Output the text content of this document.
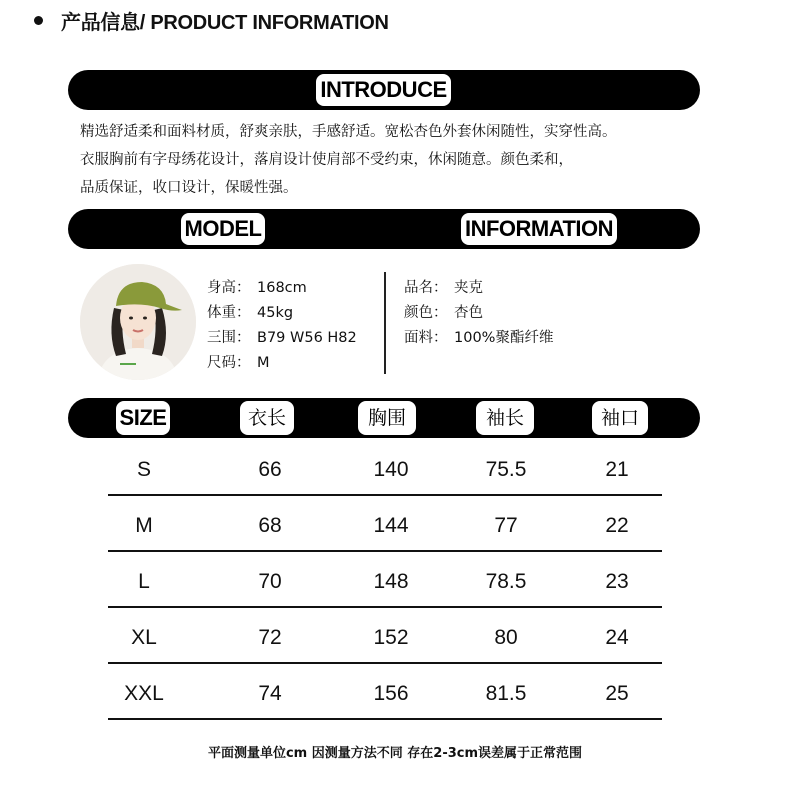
产品信息/ PRODUCT INFORMATION
INTRODUCE
精选舒适柔和面料材质，舒爽亲肤，手感舒适。宽松杏色外套休闲随性，实穿性高。
衣服胸前有字母绣花设计，落肩设计使肩部不受约束，休闲随意。颜色柔和，
品质保证，收口设计，保暖性强。
MODEL	INFORMATION
身高： 168cm
体重： 45kg
三围： B79 W56 H82
尺码： M
品名： 夹克
颜色： 杏色
面料： 100%聚酯纤维
SIZE	衣长	胸围	袖长	袖口
S	66	140	75.5	21
M	68	144	77	22
L	70	148	78.5	23
XL	72	152	80	24
XXL	74	156	81.5	25
平面测量单位cm 因测量方法不同 存在2-3cm误差属于正常范围
